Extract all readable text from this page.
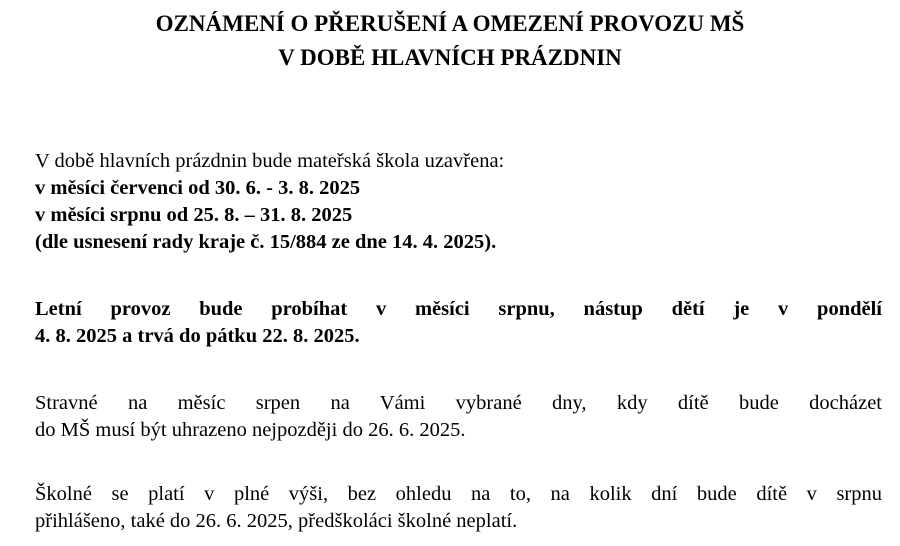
OZNÁMENÍ O PŘERUŠENÍ A OMEZENÍ PROVOZU MŠ
V DOBĚ HLAVNÍCH PRÁZDNIN
V době hlavních prázdnin bude mateřská škola uzavřena:
v měsíci červenci od 30. 6. - 3. 8. 2025
v měsíci srpnu od 25. 8. – 31. 8. 2025
(dle usnesení rady kraje č. 15/884 ze dne 14. 4. 2025).
Letní provoz bude probíhat v měsíci srpnu, nástup dětí je v pondělí
4. 8. 2025 a trvá do pátku 22. 8. 2025.
Stravné na měsíc srpen na Vámi vybrané dny, kdy dítě bude docházet
do MŠ musí být uhrazeno nejpozději do 26. 6. 2025.
Školné se platí v plné výši, bez ohledu na to, na kolik dní bude dítě v srpnu
přihlášeno, také do 26. 6. 2025, předškoláci školné neplatí.
